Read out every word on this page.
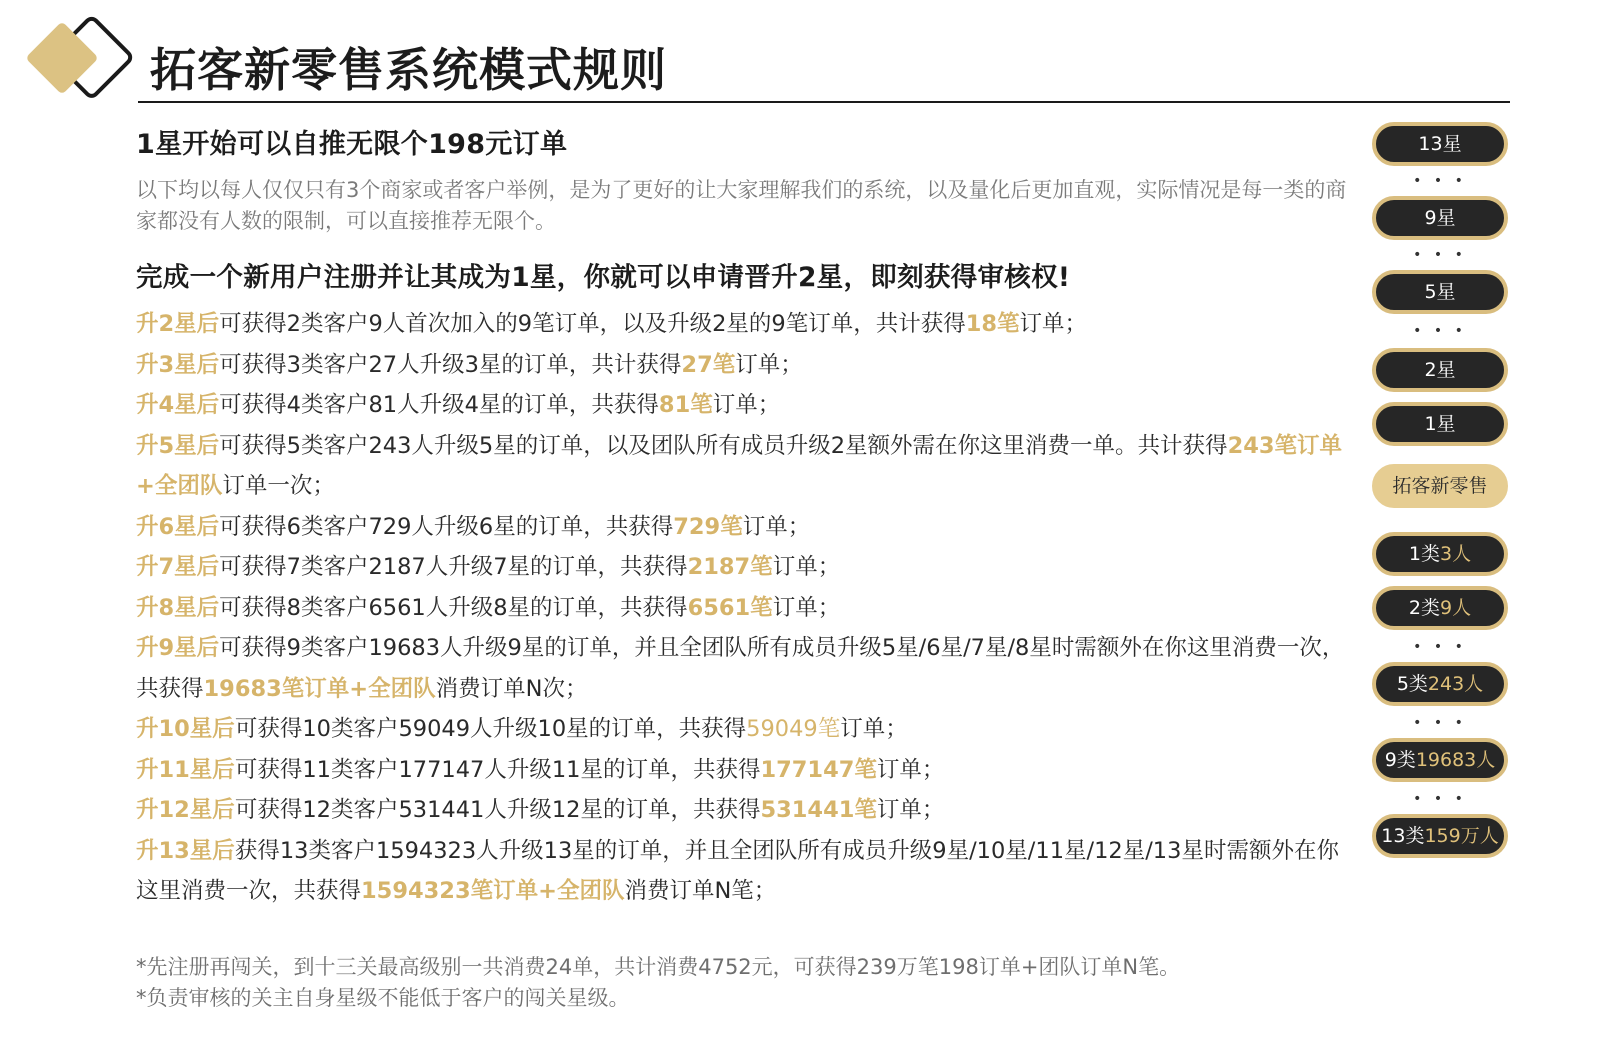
拓客新零售系统模式规则
1星开始可以自推无限个198元订单

以下均以每人仅仅只有3个商家或者客户举例，是为了更好的让大家理解我们的系统，以及量化后更加直观，实际情况是每一类的商家都没有人数的限制，可以直接推荐无限个。

完成一个新用户注册并让其成为1星，你就可以申请晋升2星，即刻获得审核权!
升2星后可获得2类客户9人首次加入的9笔订单，以及升级2星的9笔订单，共计获得18笔订单；
升3星后可获得3类客户27人升级3星的订单，共计获得27笔订单；
升4星后可获得4类客户81人升级4星的订单，共获得81笔订单；
升5星后可获得5类客户243人升级5星的订单，以及团队所有成员升级2星额外需在你这里消费一单。共计获得243笔订单+全团队订单一次；
升6星后可获得6类客户729人升级6星的订单，共获得729笔订单；
升7星后可获得7类客户2187人升级7星的订单，共获得2187笔订单；
升8星后可获得8类客户6561人升级8星的订单，共获得6561笔订单；
升9星后可获得9类客户19683人升级9星的订单，并且全团队所有成员升级5星/6星/7星/8星时需额外在你这里消费一次，共获得19683笔订单+全团队消费订单N次；
升10星后可获得10类客户59049人升级10星的订单，共获得59049笔订单；
升11星后可获得11类客户177147人升级11星的订单，共获得177147笔订单；
升12星后可获得12类客户531441人升级12星的订单，共获得531441笔订单；
升13星后获得13类客户1594323人升级13星的订单，并且全团队所有成员升级9星/10星/11星/12星/13星时需额外在你这里消费一次，共获得1594323笔订单+全团队消费订单N笔；
*先注册再闯关，到十三关最高级别一共消费24单，共计消费4752元，可获得239万笔198订单+团队订单N笔。
*负责审核的关主自身星级不能低于客户的闯关星级。
13星
• • •
9星
• • •
5星
• • •
2星
1星
拓客新零售
1类3人
2类9人
• • •
5类243人
• • •
9类19683人
• • •
13类159万人
